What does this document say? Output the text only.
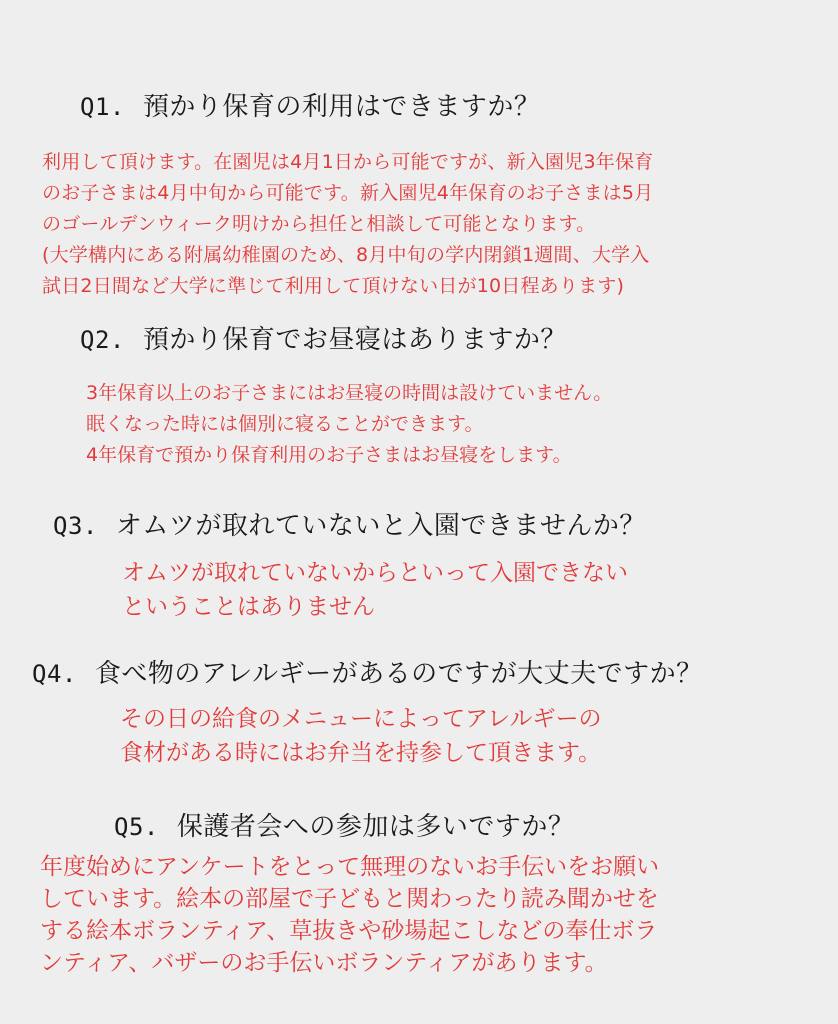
Q1. 預かり保育の利用はできますか？
利用して頂けます。在園児は4月1日から可能ですが、新入園児3年保育
のお子さまは4月中旬から可能です。新入園児4年保育のお子さまは5月
のゴールデンウィーク明けから担任と相談して可能となります。
(大学構内にある附属幼稚園のため、8月中旬の学内閉鎖1週間、大学入
試日2日間など大学に準じて利用して頂けない日が10日程あります)
Q2. 預かり保育でお昼寝はありますか？
3年保育以上のお子さまにはお昼寝の時間は設けていません。
眠くなった時には個別に寝ることができます。
4年保育で預かり保育利用のお子さまはお昼寝をします。
Q3. オムツが取れていないと入園できませんか？
オムツが取れていないからといって入園できない
ということはありません
Q4. 食べ物のアレルギーがあるのですが大丈夫ですか？
その日の給食のメニューによってアレルギーの
食材がある時にはお弁当を持参して頂きます。
Q5. 保護者会への参加は多いですか？
年度始めにアンケートをとって無理のないお手伝いをお願い
しています。絵本の部屋で子どもと関わったり読み聞かせを
する絵本ボランティア、草抜きや砂場起こしなどの奉仕ボラ
ンティア、バザーのお手伝いボランティアがあります。
